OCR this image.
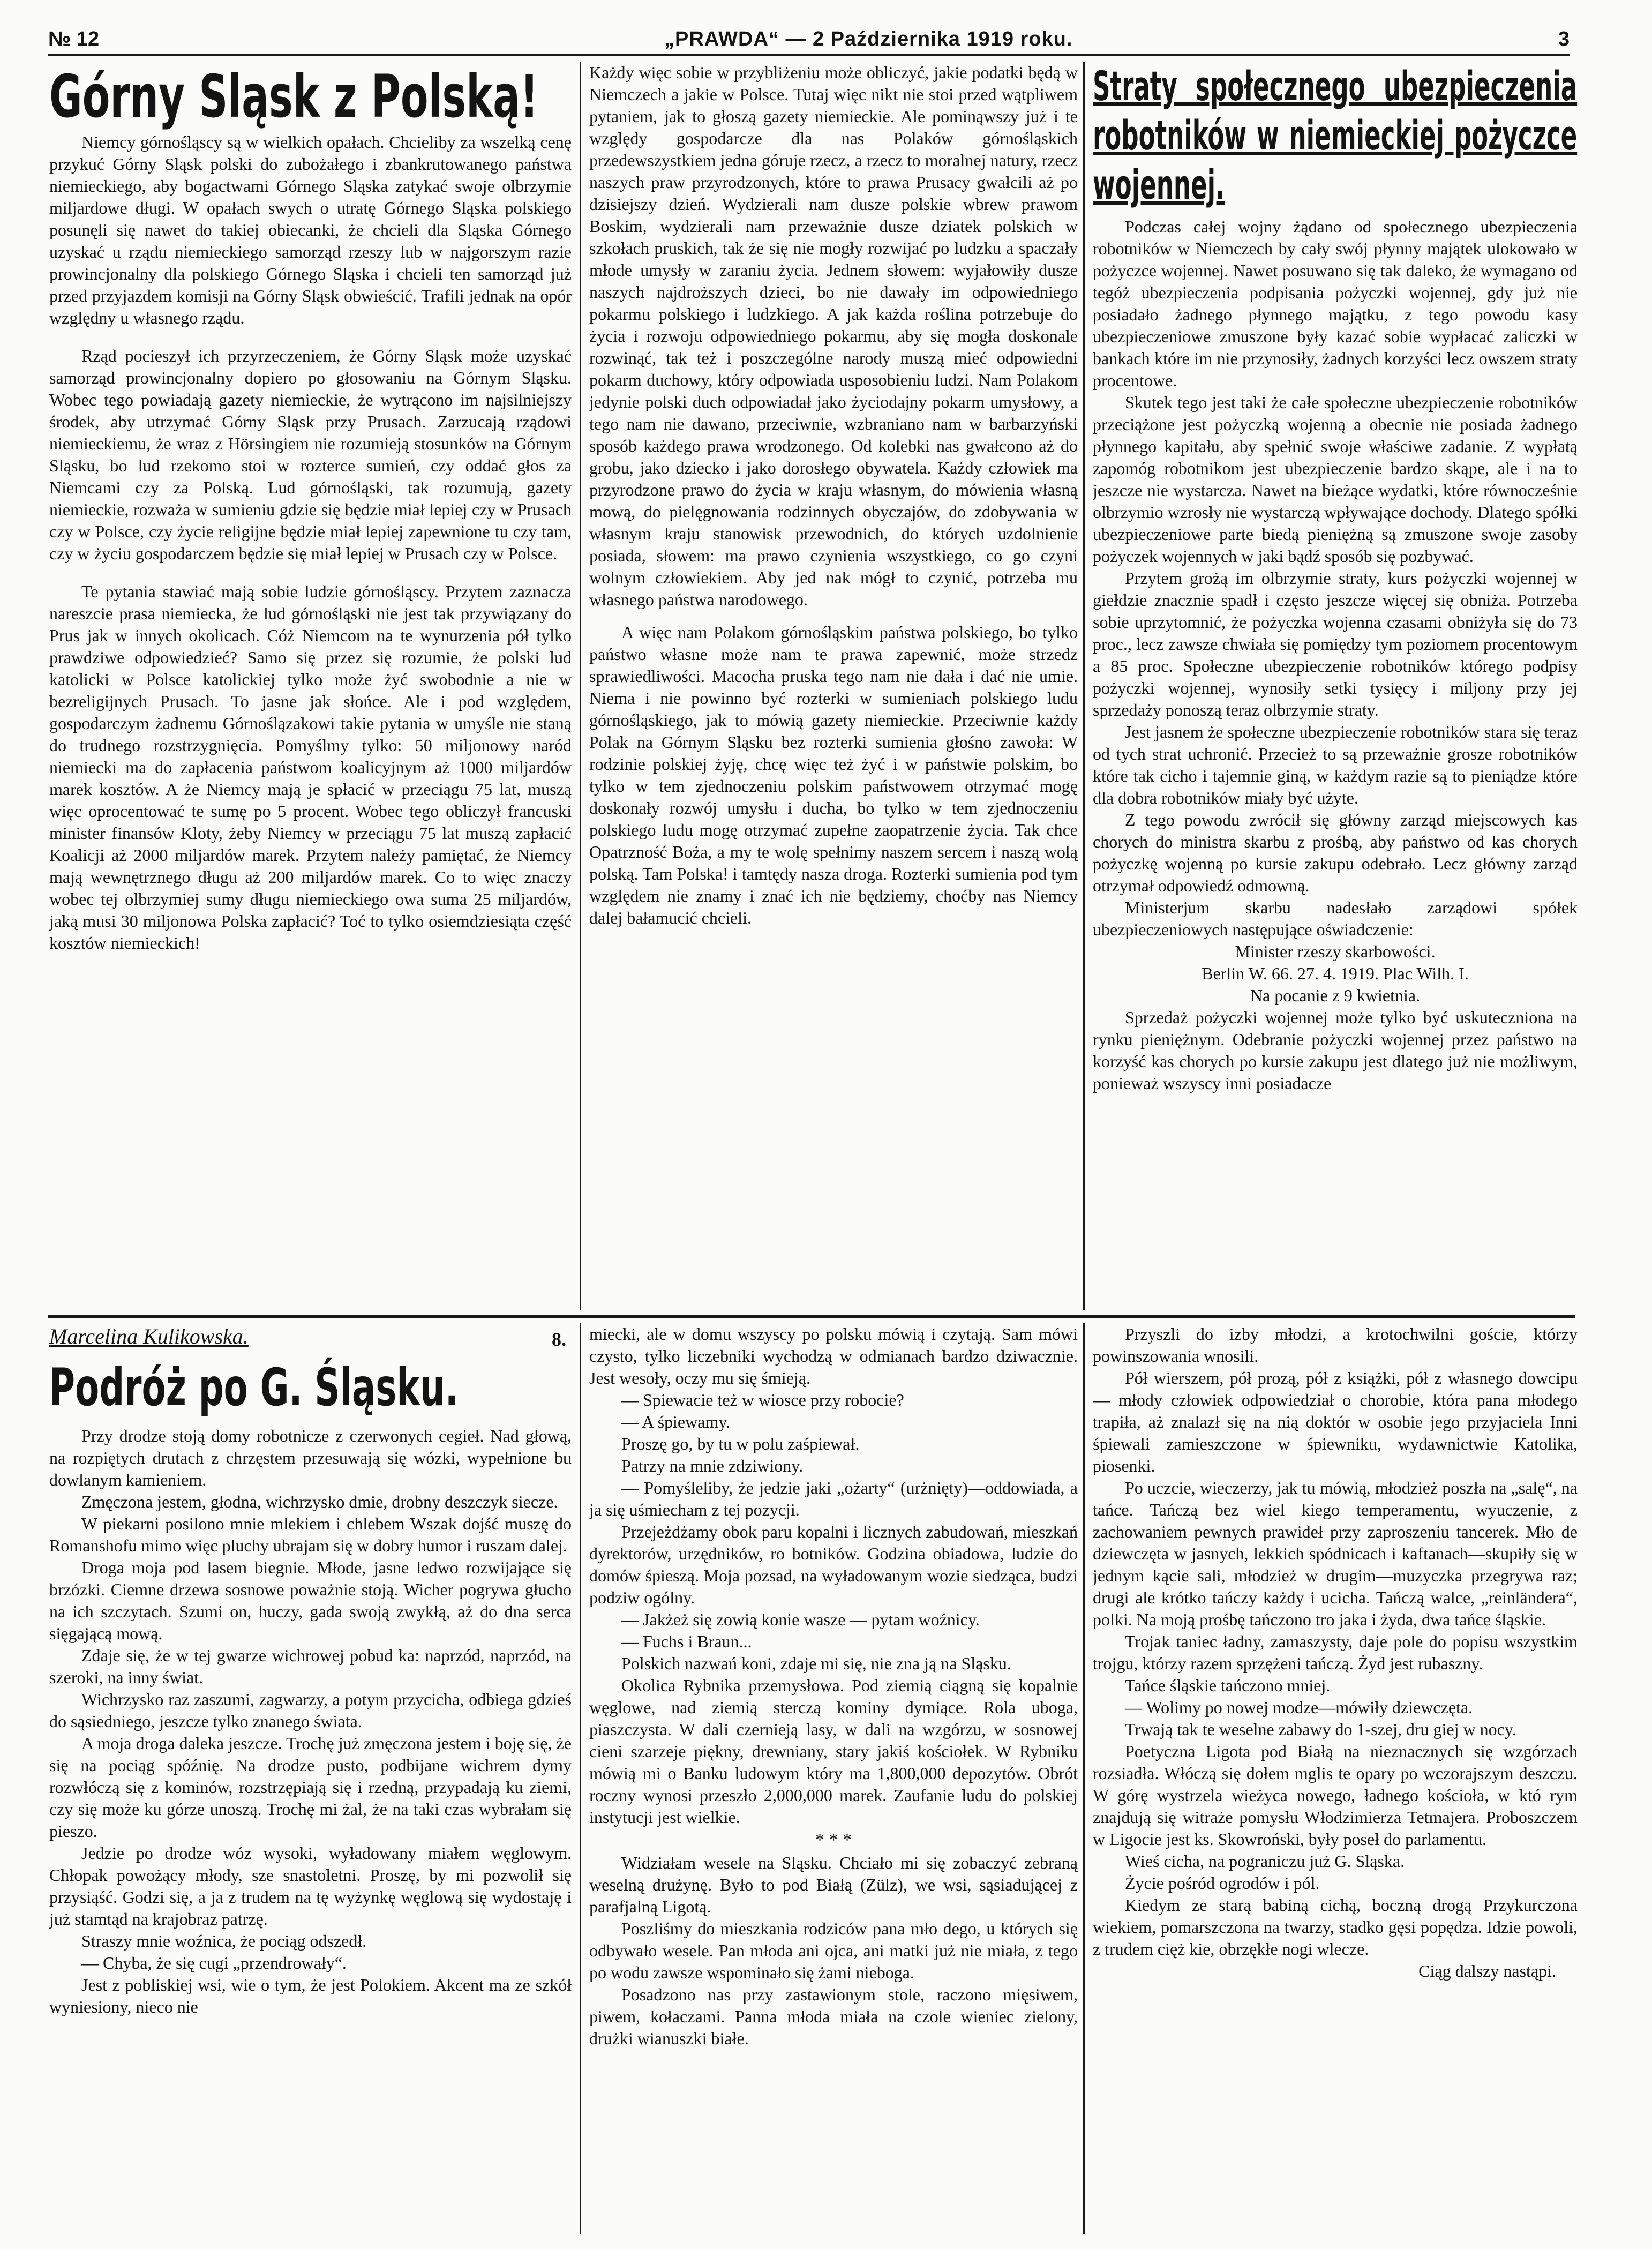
№ 12	„PRAWDA“ — 2 Października 1919 roku.	3
Górny Sląsk z Polską!

Niemcy górnośląscy są w wielkich opałach. Chcieliby za wszelką cenę przykuć Górny Sląsk polski do zubożałego i zbankrutowanego państwa niemieckiego, aby bogactwami Górnego Sląska zatykać swoje olbrzymie miljardowe długi. W opałach swych o utratę Górnego Sląska polskiego posunęli się nawet do takiej obiecanki, że chcieli dla Sląska Górnego uzyskać u rządu niemieckiego samorząd rzeszy lub w najgorszym razie prowincjonalny dla polskiego Górnego Sląska i chcieli ten samorząd już przed przyjazdem komisji na Górny Sląsk obwieścić. Trafili jednak na opór względny u własnego rządu.

Rząd pocieszył ich przyrzeczeniem, że Górny Sląsk może uzyskać samorząd prowincjonalny dopiero po głosowaniu na Górnym Sląsku. Wobec tego powiadają gazety niemieckie, że wytrącono im najsilniejszy środek, aby utrzymać Górny Sląsk przy Prusach. Zarzucają rządowi niemieckiemu, że wraz z Hörsingiem nie rozumieją stosunków na Górnym Sląsku, bo lud rzekomo stoi w rozterce sumień, czy oddać głos za Niemcami czy za Polską. Lud górnośląski, tak rozumują, gazety niemieckie, rozważa w sumieniu gdzie się będzie miał lepiej czy w Prusach czy w Polsce, czy życie religijne będzie miał lepiej zapewnione tu czy tam, czy w życiu gospodarczem będzie się miał lepiej w Prusach czy w Polsce.

Te pytania stawiać mają sobie ludzie górnośląscy. Przytem zaznacza nareszcie prasa niemiecka, że lud górnośląski nie jest tak przywiązany do Prus jak w innych okolicach. Cóż Niemcom na te wynurzenia pół tylko prawdziwe odpowiedzieć? Samo się przez się rozumie, że polski lud katolicki w Polsce katolickiej tylko może żyć swobodnie a nie w bezreligijnych Prusach. To jasne jak słońce. Ale i pod względem, gospodarczym żadnemu Górnoślązakowi takie pytania w umyśle nie staną do trudnego rozstrzygnięcia. Pomyślmy tylko: 50 miljonowy naród niemiecki ma do zapłacenia państwom koalicyjnym aż 1000 miljardów marek kosztów. A że Niemcy mają je spłacić w przeciągu 75 lat, muszą więc oprocentować te sumę po 5 procent. Wobec tego obliczył francuski minister finansów Kloty, żeby Niemcy w przeciągu 75 lat muszą zapłacić Koalicji aż 2000 miljardów marek. Przytem należy pamiętać, że Niemcy mają wewnętrznego długu aż 200 miljardów marek. Co to więc znaczy wobec tej olbrzymiej sumy długu niemieckiego owa suma 25 miljardów, jaką musi 30 miljonowa Polska zapłacić? Toć to tylko osiemdziesiąta część kosztów niemieckich!

Każdy więc sobie w przybliżeniu może obliczyć, jakie podatki będą w Niemczech a jakie w Polsce. Tutaj więc nikt nie stoi przed wątpliwem pytaniem, jak to głoszą gazety niemieckie. Ale pominąwszy już i te względy gospodarcze dla nas Polaków górnośląskich przedewszystkiem jedna góruje rzecz, a rzecz to moralnej natury, rzecz naszych praw przyrodzonych, które to prawa Prusacy gwałcili aż po dzisiejszy dzień. Wydzierali nam dusze polskie wbrew prawom Boskim, wydzierali nam przeważnie dusze dziatek polskich w szkołach pruskich, tak że się nie mogły rozwijać po ludzku a spaczały młode umysły w zaraniu życia. Jednem słowem: wyjałowiły dusze naszych najdroższych dzieci, bo nie dawały im odpowiedniego pokarmu polskiego i ludzkiego. A jak każda roślina potrzebuje do życia i rozwoju odpowiedniego pokarmu, aby się mogła doskonale rozwinąć, tak też i poszczególne narody muszą mieć odpowiedni pokarm duchowy, który odpowiada usposobieniu ludzi. Nam Polakom jedynie polski duch odpowiadał jako życiodajny pokarm umysłowy, a tego nam nie dawano, przeciwnie, wzbraniano nam w barbarzyński sposób każdego prawa wrodzonego. Od kolebki nas gwałcono aż do grobu, jako dziecko i jako dorosłego obywatela. Każdy człowiek ma przyrodzone prawo do życia w kraju własnym, do mówienia własną mową, do pielęgnowania rodzinnych obyczajów, do zdobywania w własnym kraju stanowisk przewodnich, do których uzdolnienie posiada, słowem: ma prawo czynienia wszystkiego, co go czyni wolnym człowiekiem. Aby jed nak mógł to czynić, potrzeba mu własnego państwa narodowego.

A więc nam Polakom górnośląskim państwa polskiego, bo tylko państwo własne może nam te prawa zapewnić, może strzedz sprawiedliwości. Macocha pruska tego nam nie dała i dać nie umie. Niema i nie powinno być rozterki w sumieniach polskiego ludu górnośląskiego, jak to mówią gazety niemieckie. Przeciwnie każdy Polak na Górnym Sląsku bez rozterki sumienia głośno zawoła: W rodzinie polskiej żyję, chcę więc też żyć i w państwie polskim, bo tylko w tem zjednoczeniu polskim państwowem otrzymać mogę doskonały rozwój umysłu i ducha, bo tylko w tem zjednoczeniu polskiego ludu mogę otrzymać zupełne zaopatrzenie życia. Tak chce Opatrzność Boża, a my te wolę spełnimy naszem sercem i naszą wolą polską. Tam Polska! i tamtędy nasza droga. Rozterki sumienia pod tym względem nie znamy i znać ich nie będziemy, choćby nas Niemcy dalej bałamucić chcieli.

Straty społecznego ubezpieczenia robotników w niemieckiej pożyczce wojennej.

Podczas całej wojny żądano od społecznego ubezpieczenia robotników w Niemczech by cały swój płynny majątek ulokowało w pożyczce wojennej. Nawet posuwano się tak daleko, że wymagano od tegóż ubezpieczenia podpisania pożyczki wojennej, gdy już nie posiadało żadnego płynnego majątku, z tego powodu kasy ubezpieczeniowe zmuszone były kazać sobie wypłacać zaliczki w bankach które im nie przynosiły, żadnych korzyści lecz owszem straty procentowe.

Skutek tego jest taki że całe społeczne ubezpieczenie robotników przeciążone jest pożyczką wojenną a obecnie nie posiada żadnego płynnego kapitału, aby spełnić swoje właściwe zadanie. Z wypłatą zapomóg robotnikom jest ubezpieczenie bardzo skąpe, ale i na to jeszcze nie wystarcza. Nawet na bieżące wydatki, które równocześnie olbrzymio wzrosły nie wystarczą wpływające dochody. Dlatego spółki ubezpieczeniowe parte biedą pieniężną są zmuszone swoje zasoby pożyczek wojennych w jaki bądź sposób się pozbywać.

Przytem grożą im olbrzymie straty, kurs pożyczki wojennej w giełdzie znacznie spadł i często jeszcze więcej się obniża. Potrzeba sobie uprzytomnić, że pożyczka wojenna czasami obniżyła się do 73 proc., lecz zawsze chwiała się pomiędzy tym poziomem procentowym a 85 proc. Społeczne ubezpieczenie robotników którego podpisy pożyczki wojennej, wynosiły setki tysięcy i miljony przy jej sprzedaży ponoszą teraz olbrzymie straty.

Jest jasnem że społeczne ubezpieczenie robotników stara się teraz od tych strat uchronić. Przecież to są przeważnie grosze robotników które tak cicho i tajemnie giną, w każdym razie są to pieniądze które dla dobra robotników miały być użyte.

Z tego powodu zwrócił się główny zarząd miejscowych kas chorych do ministra skarbu z prośbą, aby państwo od kas chorych pożyczkę wojenną po kursie zakupu odebrało. Lecz główny zarząd otrzymał odpowiedź odmowną.

Ministerjum skarbu nadesłało zarządowi spółek ubezpieczeniowych następujące oświadczenie:

Minister rzeszy skarbowości.

Berlin W. 66. 27. 4. 1919. Plac Wilh. I.

Na pocanie z 9 kwietnia.

Sprzedaż pożyczki wojennej może tylko być uskuteczniona na rynku pieniężnym. Odebranie pożyczki wojennej przez państwo na korzyść kas chorych po kursie zakupu jest dlatego już nie możliwym, ponieważ wszyscy inni posiadacze

Marcelina Kulikowska.	8.
Podróż po G. Śląsku.

Przy drodze stoją domy robotnicze z czerwonych cegieł. Nad głową, na rozpiętych drutach z chrzęstem przesuwają się wózki, wypełnione bu dowlanym kamieniem.

Zmęczona jestem, głodna, wichrzysko dmie, drobny deszczyk siecze.

W piekarni posilono mnie mlekiem i chlebem Wszak dojść muszę do Romanshofu mimo więc pluchy ubrajam się w dobry humor i ruszam dalej.

Droga moja pod lasem biegnie. Młode, jasne ledwo rozwijające się brzózki. Ciemne drzewa sosnowe poważnie stoją. Wicher pogrywa głucho na ich szczytach. Szumi on, huczy, gada swoją zwykłą, aż do dna serca sięgającą mową.

Zdaje się, że w tej gwarze wichrowej pobud ka: naprzód, naprzód, na szeroki, na inny świat.

Wichrzysko raz zaszumi, zagwarzy, a potym przycicha, odbiega gdzieś do sąsiedniego, jeszcze tylko znanego świata.

A moja droga daleka jeszcze. Trochę już zmęczona jestem i boję się, że się na pociąg spóźnię. Na drodze pusto, podbijane wichrem dymy rozwłóczą się z kominów, rozstrzępiają się i rzedną, przypadają ku ziemi, czy się może ku górze unoszą. Trochę mi żal, że na taki czas wybrałam się pieszo.

Jedzie po drodze wóz wysoki, wyładowany miałem węglowym. Chłopak powożący młody, sze snastoletni. Proszę, by mi pozwolił się przysiąść. Godzi się, a ja z trudem na tę wyżynkę węglową się wydostaję i już stamtąd na krajobraz patrzę.

Straszy mnie woźnica, że pociąg odszedł.

— Chyba, że się cugi „przendrowały“.

Jest z pobliskiej wsi, wie o tym, że jest Polokiem. Akcent ma ze szkół wyniesiony, nieco nie

miecki, ale w domu wszyscy po polsku mówią i czytają. Sam mówi czysto, tylko liczebniki wychodzą w odmianach bardzo dziwacznie. Jest wesoły, oczy mu się śmieją.

— Spiewacie też w wiosce przy robocie?

— A śpiewamy.

Proszę go, by tu w polu zaśpiewał.

Patrzy na mnie zdziwiony.

— Pomyśleliby, że jedzie jaki „ożarty“ (urżnięty)—oddowiada, a ja się uśmiecham z tej pozycji.

Przejeżdżamy obok paru kopalni i licznych zabudowań, mieszkań dyrektorów, urzędników, ro botników. Godzina obiadowa, ludzie do domów śpieszą. Moja pozsad, na wyładowanym wozie siedząca, budzi podziw ogólny.

— Jakżeż się zowią konie wasze — pytam woźnicy.

— Fuchs i Braun...

Polskich nazwań koni, zdaje mi się, nie zna ją na Sląsku.

Okolica Rybnika przemysłowa. Pod ziemią ciągną się kopalnie węglowe, nad ziemią sterczą kominy dymiące. Rola uboga, piaszczysta. W dali czernieją lasy, w dali na wzgórzu, w sosnowej cieni szarzeje piękny, drewniany, stary jakiś kościołek. W Rybniku mówią mi o Banku ludowym który ma 1,800,000 depozytów. Obrót roczny wynosi przeszło 2,000,000 marek. Zaufanie ludu do polskiej instytucji jest wielkie.

* * *

Widziałam wesele na Sląsku. Chciało mi się zobaczyć zebraną weselną drużynę. Było to pod Białą (Zülz), we wsi, sąsiadującej z parafjalną Ligotą.

Poszliśmy do mieszkania rodziców pana mło dego, u których się odbywało wesele. Pan młoda ani ojca, ani matki już nie miała, z tego po wodu zawsze wspominało się żami niebogа.

Posadzono nas przy zastawionym stole, raczono mięsiwem, piwem, kołaczami. Panna młoda miała na czole wieniec zielony, drużki wianuszki białe.

Przyszli do izby młodzi, a krotochwilni goście, którzy powinszowania wnosili.

Pół wierszem, pół prozą, pół z książki, pół z własnego dowcipu — młody człowiek odpowiedział o chorobie, która pana młodego trapiła, aż znalazł się na nią doktór w osobie jego przyjaciela Inni śpiewali zamieszczone w śpiewniku, wydawnictwie Katolika, piosenki.

Po uczcie, wieczerzy, jak tu mówią, młodzież poszła na „salę“, na tańce. Tańczą bez wiel kiego temperamentu, wyuczenie, z zachowaniem pewnych prawideł przy zaproszeniu tancerek. Mło de dziewczęta w jasnych, lekkich spódnicach i kaftanach—skupiły się w jednym kącie sali, młodzież w drugim—muzyczka przegrywa raz; drugi ale krótko tańczy każdy i ucicha. Tańczą walce, „reinländera“, polki. Na moją prośbę tańczono tro jaka i żyda, dwa tańce śląskie.

Trojak taniec ładny, zamaszysty, daje pole do popisu wszystkim trojgu, którzy razem sprzężeni tańczą. Żyd jest rubaszny.

Tańce śląskie tańczono mniej.

— Wolimy po nowej modze—mówiły dziewczęta.

Trwają tak te weselne zabawy do 1-szej, dru giej w nocy.

Poetyczna Ligota pod Białą na nieznacznych się wzgórzach rozsiadła. Włóczą się dołem mglis te opary po wczorajszym deszczu. W górę wystrzela wieżyca nowego, ładnego kościoła, w któ rym znajdują się witraże pomysłu Włodzimierza Tetmajera. Proboszczem w Ligocie jest ks. Skowroński, były poseł do parlamentu.

Wieś cicha, na pograniczu już G. Sląska.

Życie pośród ogrodów i pól.

Kiedym ze starą babiną cichą, boczną drogą Przykurczona wiekiem, pomarszczona na twarzy, stadko gęsi popędza. Idzie powoli, z trudem cięż kie, obrzękłe nogi wlecze.

Ciąg dalszy nastąpi.
